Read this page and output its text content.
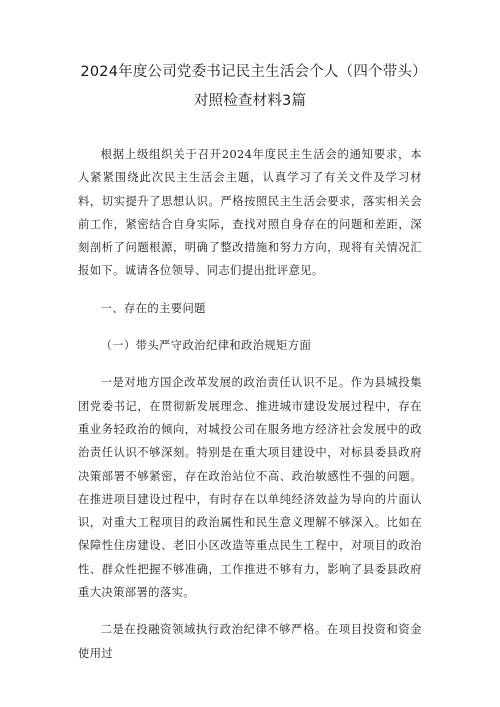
2024年度公司党委书记民主生活会个人（四个带头）对照检查材料3篇

根据上级组织关于召开2024年度民主生活会的通知要求，本人紧紧围绕此次民主生活会主题，认真学习了有关文件及学习材料，切实提升了思想认识。严格按照民主生活会要求，落实相关会前工作，紧密结合自身实际，查找对照自身存在的问题和差距，深刻剖析了问题根源，明确了整改措施和努力方向，现将有关情况汇报如下。诚请各位领导、同志们提出批评意见。

一、存在的主要问题

（一）带头严守政治纪律和政治规矩方面

一是对地方国企改革发展的政治责任认识不足。作为县城投集团党委书记，在贯彻新发展理念、推进城市建设发展过程中，存在重业务轻政治的倾向，对城投公司在服务地方经济社会发展中的政治责任认识不够深刻。特别是在重大项目建设中，对标县委县政府决策部署不够紧密，存在政治站位不高、政治敏感性不强的问题。在推进项目建设过程中，有时存在以单纯经济效益为导向的片面认识，对重大工程项目的政治属性和民生意义理解不够深入。比如在保障性住房建设、老旧小区改造等重点民生工程中，对项目的政治性、群众性把握不够准确，工作推进不够有力，影响了县委县政府重大决策部署的落实。

二是在投融资领域执行政治纪律不够严格。在项目投资和资金使用过
